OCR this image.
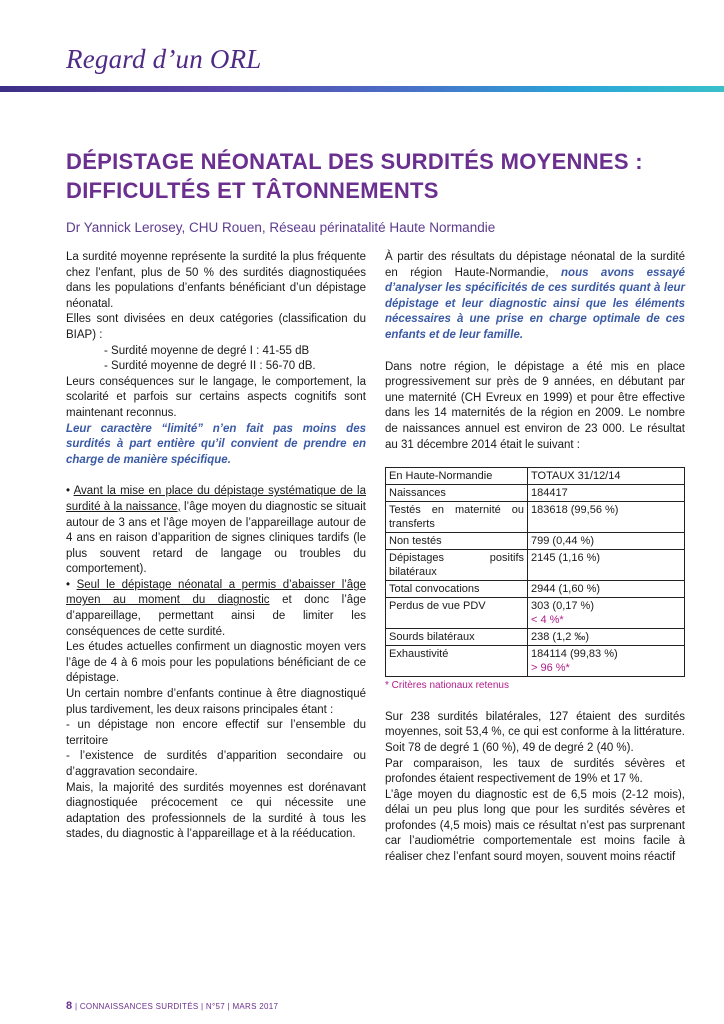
Regard d’un ORL
DÉPISTAGE NÉONATAL DES SURDITÉS MOYENNES :
DIFFICULTÉS ET TÂTONNEMENTS
Dr Yannick Lerosey, CHU Rouen, Réseau périnatalité Haute Normandie

La surdité moyenne représente la surdité la plus fréquente chez l’enfant, plus de 50 % des surdités diagnostiquées dans les populations d’enfants bénéficiant d’un dépistage néonatal.

Elles sont divisées en deux catégories (classification du BIAP) :

- Surdité moyenne de degré I : 41-55 dB

- Surdité moyenne de degré II : 56-70 dB.

Leurs conséquences sur le langage, le comportement, la scolarité et parfois sur certains aspects cognitifs sont maintenant reconnus.

Leur caractère “limité” n’en fait pas moins des surdités à part entière qu’il convient de prendre en charge de manière spécifique.

• Avant la mise en place du dépistage systématique de la surdité à la naissance, l’âge moyen du diagnostic se situait autour de 3 ans et l’âge moyen de l’appareillage autour de 4 ans en raison d’apparition de signes cliniques tardifs (le plus souvent retard de langage ou troubles du comportement).

• Seul le dépistage néonatal a permis d’abaisser l’âge moyen au moment du diagnostic et donc l’âge d’appareillage, permettant ainsi de limiter les conséquences de cette surdité.

Les études actuelles confirment un diagnostic moyen vers l’âge de 4 à 6 mois pour les populations bénéficiant de ce dépistage.

Un certain nombre d’enfants continue à être diagnostiqué plus tardivement, les deux raisons principales étant :

- un dépistage non encore effectif sur l’ensemble du territoire

- l’existence de surdités d’apparition secondaire ou d’aggravation secondaire.

Mais, la majorité des surdités moyennes est dorénavant diagnostiquée précocement ce qui nécessite une adaptation des professionnels de la surdité à tous les stades, du diagnostic à l’appareillage et à la rééducation.

À partir des résultats du dépistage néonatal de la surdité en région Haute-Normandie, nous avons essayé d’analyser les spécificités de ces surdités quant à leur dépistage et leur diagnostic ainsi que les éléments nécessaires à une prise en charge optimale de ces enfants et de leur famille.

Dans notre région, le dépistage a été mis en place progressivement sur près de 9 années, en débutant par une maternité (CH Evreux en 1999) et pour être effective dans les 14 maternités de la région en 2009. Le nombre de naissances annuel est environ de 23 000. Le résultat au 31 décembre 2014 était le suivant :

En Haute-Normandie	TOTAUX 31/12/14

Naissances	184417

Testés en maternité ou transferts	183618 (99,56 %)

Non testés	799 (0,44 %)

Dépistages positifs bilatéraux	2145 (1,16 %)

Total convocations	2944 (1,60 %)

Perdus de vue PDV	303 (0,17 %)
< 4 %*

Sourds bilatéraux	238 (1,2 ‰)

Exhaustivité	184114 (99,83 %)
> 96 %*
* Critères nationaux retenus

Sur 238 surdités bilatérales, 127 étaient des surdités moyennes, soit 53,4 %, ce qui est conforme à la littérature. Soit 78 de degré 1 (60 %), 49 de degré 2 (40 %).

Par comparaison, les taux de surdités sévères et profondes étaient respectivement de 19% et 17 %.

L’âge moyen du diagnostic est de 6,5 mois (2-12 mois), délai un peu plus long que pour les surdités sévères et profondes (4,5 mois) mais ce résultat n’est pas surprenant car l’audiométrie comportementale est moins facile à réaliser chez l’enfant sourd moyen, souvent moins réactif

8 | CONNAISSANCES SURDITÉS | N°57 | MARS 2017
